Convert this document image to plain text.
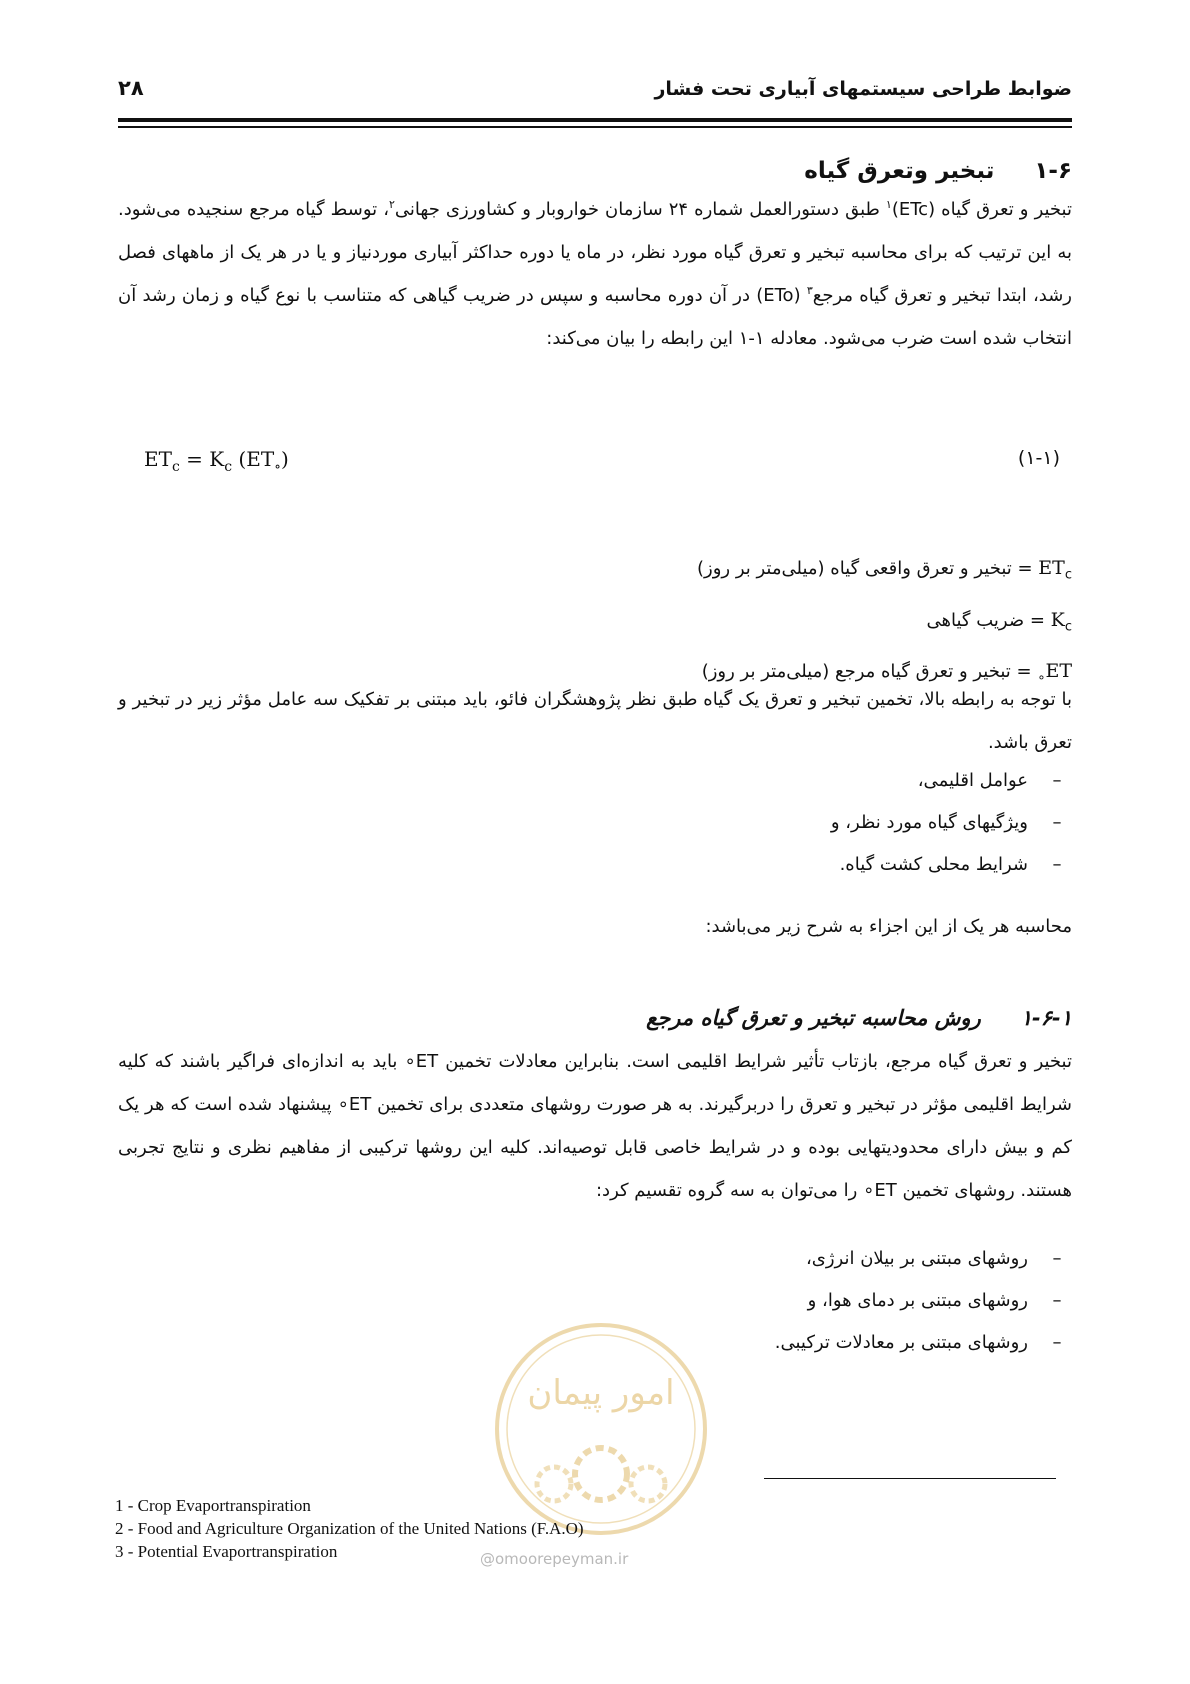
ضوابط طراحی سیستمهای آبیاری تحت فشار
۲۸
۱-۶تبخیر وتعرق گیاه
تبخیر و تعرق گیاه (ETc)$^۱$ طبق دستورالعمل شماره ۲۴ سازمان خواروبار و کشاورزی جهانی$^۲$، توسط گیاه مرجع سنجیده می‌شود. به این ترتیب که برای محاسبه تبخیر و تعرق گیاه مورد نظر، در ماه یا دوره حداکثر آبیاری موردنیاز و یا در هر یک از ماههای فصل رشد، ابتدا تبخیر و تعرق گیاه مرجع$^۳$ (ETo) در آن دوره محاسبه و سپس در ضریب گیاهی که متناسب با نوع گیاه و زمان رشد آن انتخاب شده است ضرب می‌شود. معادله ۱-۱ این رابطه را بیان می‌کند:
$ET_c = K_c$ $(ET_\circ)$	(۱-۱)
$ET_c$ = تبخیر و تعرق واقعی گیاه (میلی‌متر بر روز)
$K_c$ = ضریب گیاهی
$ET_\circ$ = تبخیر و تعرق گیاه مرجع (میلی‌متر بر روز)
با توجه به رابطه بالا، تخمین تبخیر و تعرق یک گیاه طبق نظر پژوهشگران فائو، باید مبتنی بر تفکیک سه عامل مؤثر زیر در تبخیر و تعرق باشد.
–عوامل اقلیمی،
–ویژگیهای گیاه مورد نظر، و
–شرایط محلی کشت گیاه.
محاسبه هر یک از این اجزاء به شرح زیر می‌باشد:
۱-۶-۱روش محاسبه تبخیر و تعرق گیاه مرجع
تبخیر و تعرق گیاه مرجع، بازتاب تأثیر شرایط اقلیمی است. بنابراین معادلات تخمین ET∘ باید به اندازه‌ای فراگیر باشند که کلیه شرایط اقلیمی مؤثر در تبخیر و تعرق را دربرگیرند. به هر صورت روشهای متعددی برای تخمین ET∘ پیشنهاد شده است که هر یک کم و بیش دارای محدودیتهایی بوده و در شرایط خاصی قابل توصیه‌اند. کلیه این روشها ترکیبی از مفاهیم نظری و نتایج تجربی هستند. روشهای تخمین ET∘ را می‌توان به سه گروه تقسیم کرد:
–روشهای مبتنی بر بیلان انرژی،
–روشهای مبتنی بر دمای هوا، و
–روشهای مبتنی بر معادلات ترکیبی.
امور پیمان
@omoorepeyman.ir
1 - Crop Evaportranspiration
2 - Food and Agriculture Organization of the United Nations (F.A.O)
3 - Potential Evaportranspiration
